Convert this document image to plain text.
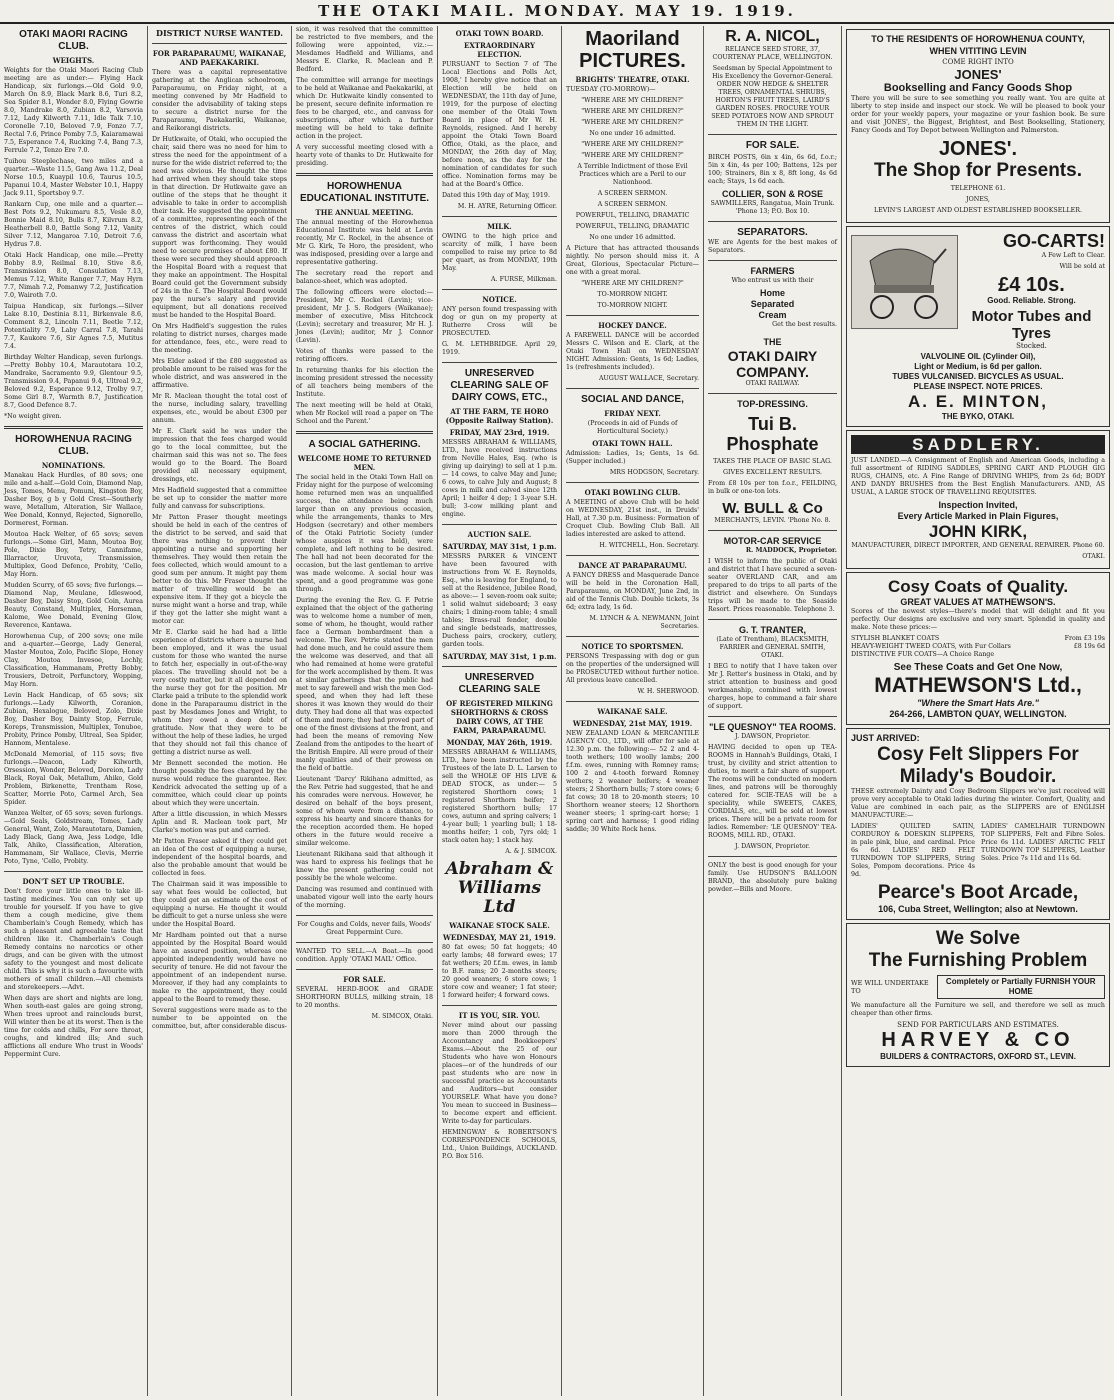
THE OTAKI MAIL. MONDAY. MAY 19. 1919.
OTAKI MAORI RACING CLUB.
WEIGHTS.

Weights for the Otaki Maori Racing Club meeting are as under:— Flying Hack Handicap, six furlongs.—Old Gold 9.0, March On 8.9, Black Mark 8.6, Turi 8.2, Sea Spider 8.1, Wonder 8.0, Flying Gowrie 8.0, Mandrake 8.0, Zubian 8.2, Varsovia 7.12, Lady Kilworth 7.11, Idle Talk 7.10, Coronelle 7.10, Beloved 7.9, Fonzo 7.7, Rectal 7.6, Prince Pomby 7.5, Kaiaramawai 7.5, Esperance 7.4, Rucking 7.4, Bang 7.3, Ferrule 7.2, Tenzo Ere 7.0.

Tuihou Steeplechase, two miles and a quarter.—Waste 11.5, Gang Awa 11.2, Deal Norse 10.5, Kuaypil 10.6, Taurus 10.5, Papanui 10.4, Master Webster 10.1, Happy Jack 9.11, Sportsboy 9.7.

Rankarn Cup, one mile and a quarter.—Best Pots 9.2, Nukumaru 8.5, Vesle 8.0, Bonnie Maid 8.10, Bulls 8.7, Kilvrum 8.2, Heatherbell 8.0, Battle Song 7.12, Vanity Silver 7.12, Mangaroa 7.10, Detroit 7.6, Hydrus 7.8.

Otaki Hack Handicap, one mile.—Pretty Bobby 8.9, Reilmal 8.10, Stive 8.6, Transmission 8.0, Consulation 7.13, Memus 7.12, White Ranger 7.7, May Hyrn 7.7, Nimah 7.2, Pomanwy 7.2, Justification 7.0, Wairoth 7.0.

Taipua Handicap, six furlongs.—Silver Lake 8.10, Destinia 8.11, Birkenvale 8.6, Comment 8.2, Lincoln 7.11, Beetle 7.12, Potentiality 7.9, Laby Carral 7.8, Tarahi 7.7, Kaukore 7.6, Sir Agnes 7.5, Mutitus 7.4.

Birthday Welter Handicap, seven furlongs.—Pretty Bobby 10.4, Marautotara 10.2, Mandrake, Sacramento 9.9, Glentour 9.5, Transmission 9.4, Papanui 9.4, Ultreal 9.2, Beloved 9.2, Esperance 9.12, Trolby 9.7, Some Girl 8.7, Warmth 8.7, Justification 8.7, Good Defence 8.7.

*No weight given.

HOROWHENUA RACING CLUB.
NOMINATIONS.

Manakau Hack Hurdles, of 80 sovs; one mile and a-half.—Gold Coin, Diamond Nap, Jess, Tomes, Menu, Pomuni, Kingston Boy, Dasher Boy, g b y Gold Crest—Southerly wave, Metallum, Alteration, Sir Wallace, Wee Donald, Konnyd, Rejected, Signorello, Dormerest, Forman.

Moutoa Hack Welter, of 65 sovs; seven furlongs.—Some Girl, Mann, Moutoa Boy, Pole, Dixie Boy, Tetry, Cannifame, Illarractor, Uruvota, Transmission, Multiplex, Good Defence, Probity, 'Cello, May Horn.

Mudden Scurry, of 65 sovs; five furlongs.—Diamond Nap, Meulane, Idleswood, Dasher Boy, Daisy Stop, Gold Coin, Aurea Beauty, Constand, Multiplex, Horseman, Kalome, Wee Donald, Evening Glow, Reverence, Kantawa.

Horowhenua Cup, of 200 sovs; one mile and a-quarter.—George, Lady General, Master Moutoa, Zolo, Pacific Slope, Honey Clay, Moutoa Invesoe, Lochly, Classification, Hammanam, Pretty Bobby, Trousiers, Detroit, Perfunctory, Wopping, May Horn.

Levin Hack Handicap, of 65 sovs; six furlongs.—Lady Kilworth, Coranion, Zubian, Hexalogue, Beloved, Zolo, Dixie Boy, Dasher Boy, Dainty Stop, Ferrule, Koreps, Transmission, Multiplex, Tonuboe, Probity, Prince Pomby, Ultreal, Sea Spider, Hannom, Mentalese.

McDonald Memorial, of 115 sovs; five furlongs.—Deacon, Lady Kilworth, Orsession, Wonder, Beloved, Doreion, Lady Black, Royal Oak, Metallum, Ahiko, Gold Problem, Birkenette, Trentham Rose, Scatter, Morrie Poto, Carmel Arch, Sea Spider.

Wanzea Welter, of 65 sovs; seven furlongs.—Gold Seals, Goldstream, Tomes, Lady General, Want, Zolo, Marautotara, Damien, Lady Black, Gang Awa, Jess Lodge, Idle Talk, Ahiko, Classification, Alteration, Hammanam, Sir Wallace, Clevis, Merrie Poto, Tyne, 'Cello, Probity.

DON'T SET UP TROUBLE.

Don't force your little ones to take ill-tasting medicines. You can only set up trouble for yourself. If you have to give them a cough medicine, give them Chamberlain's Cough Remedy, which has such a pleasant and agreeable taste that children like it. Chamberlain's Cough Remedy contains no narcotics or other drugs, and can be given with the utmost safety to the youngest and most delicate child. This is why it is such a favourite with mothers of small children.—All chemists and storekeepers.—Advt.

When days are short and nights are long, When south-east gales are going strong, When trees uproot and rainclouds burst, Will winter then be at its worst. Then is the time for colds and chills, For sore throat, coughs, and kindred ills; And such afflictions all endure Who trust in Woods' Peppermint Cure.

DISTRICT NURSE WANTED.
FOR PARAPARAUMU, WAIKANAE, AND PAEKAKARIKI.

There was a capital representative gathering at the Anglican schoolroom, Paraparaumu, on Friday night, at a meeting convened by Mr Hadfield to consider the advisability of taking steps to secure a district nurse for the Paraparaumu, Paekakariki, Waikanae, and Reikorangi districts.

Dr Hutkwaite, of Otaki, who occupied the chair, said there was no need for him to stress the need for the appointment of a nurse for the wide district referred to; the need was obvious. He thought the time had arrived when they should take steps in that direction. Dr Hutkwaite gave an outline of the steps that he thought it advisable to take in order to accomplish their task. He suggested the appointment of a committee, representing each of the centres of the district, which could canvass the district and ascertain what support was forthcoming. They would need to secure promises of about £80. If these were secured they should approach the Hospital Board with a request that they make an appointment. The Hospital Board could get the Government subsidy of 24s in the £. The Hospital Board would pay the nurse's salary and provide equipment, but all donations received must be handed to the Hospital Board.

On Mrs Hadfield's suggestion the rules relating to district nurses, charges made for attendance, fees, etc., were read to the meeting.

Mrs Elder asked if the £80 suggested as probable amount to be raised was for the whole district, and was answered in the affirmative.

Mr R. Maclean thought the total cost of the nurse, including salary, travelling expenses, etc., would be about £300 per annum.

Mr E. Clark said he was under the impression that the fees charged would go to the local committee, but the chairman said this was not so. The fees would go to the Board. The Board provided all necessary equipment, dressings, etc.

Mrs Hadfield suggested that a committee be set up to consider the matter more fully and canvass for subscriptions.

Mr Patton Fraser thought meetings should be held in each of the centres of the district to be served, and said that there was nothing to prevent their appointing a nurse and supporting her themselves. They would then retain the fees collected, which would amount to a good sum per annum. It might pay them better to do this. Mr Fraser thought the matter of travelling would be an expensive item. If they got a bicycle the nurse might want a horse and trap, while if they got the latter she might want a motor car.

Mr E. Clarke said he had had a little experience of districts where a nurse had been employed, and it was the usual custom for those who wanted the nurse to fetch her, especially in out-of-the-way places. The travelling should not be a very costly matter, but it all depended on the nurse they got for the position. Mr Clarke paid a tribute to the splendid work done in the Paraparaumu district in the past by Mesdames Jones and Wright, to whom they owed a deep debt of gratitude. Now that they were to be without the help of these ladies, he urged that they should not fail this chance of getting a district nurse as well.

Mr Bennett seconded the motion. He thought possibly the fees charged by the nurse would reduce the guarantee. Rev. Kendrick advocated the setting up of a committee, which could clear up points about which they were uncertain.

After a little discussion, in which Messrs Aplin and R. Maclean took part, Mr Clarke's motion was put and carried.

Mr Patton Fraser asked if they could get an idea of the cost of equipping a nurse, independent of the hospital boards, and also the probable amount that would be collected in fees.

The Chairman said it was impossible to say what fees would be collected, but they could get an estimate of the cost of equipping a nurse. He thought it would be difficult to get a nurse unless she were under the Hospital Board.

Mr Hardham pointed out that a nurse appointed by the Hospital Board would have an assured position, whereas one appointed independently would have no security of tenure. He did not favour the appointment of an independent nurse. Moreover, if they had any complaints to make re the appointment, they could appeal to the Board to remedy these.

Several suggestions were made as to the number to be appointed on the committee, but, after considerable discus-

sion, it was resolved that the committee be restricted to five members, and the following were appointed, viz.:—Mesdames Hadfield and Williams, and Messrs E. Clarke, R. Maclean and P. Bedford.

The committee will arrange for meetings to be held at Waikanae and Paekakariki, at which Dr. Hutkwaite kindly consented to be present, secure definite information re fees to be charged, etc., and canvass for subscriptions, after which a further meeting will be held to take definite action in the project.

A very successful meeting closed with a hearty vote of thanks to Dr. Hutkwaite for presiding.

HOROWHENUA EDUCATIONAL INSTITUTE.
THE ANNUAL MEETING.

The annual meeting of the Horowhenua Educational Institute was held at Levin recently, Mr C. Rockel, in the absence of Mr G. Kirk, Te Horo, the president, who was indisposed, presiding over a large and representative gathering.

The secretary read the report and balance-sheet, which was adopted.

The following officers were elected:—President, Mr C. Rockel (Levin); vice-president, Mr J. S. Rodgers (Waikanae); member of executive, Miss Hitchcock (Levin); secretary and treasurer, Mr H. J. Jones (Levin); auditor, Mr J. Connor (Levin).

Votes of thanks were passed to the retiring officers.

In returning thanks for his election the incoming president stressed the necessity of all teachers being members of the Institute.

The next meeting will be held at Otaki, when Mr Rockel will read a paper on 'The School and the Parent.'

A SOCIAL GATHERING.
WELCOME HOME TO RETURNED MEN.

The social held in the Otaki Town Hall on Friday night for the purpose of welcoming home returned men was an unqualified success, the attendance being much larger than on any previous occasion, while the arrangements, thanks to Mrs Hodgson (secretary) and other members of the Otaki Patriotic Society (under whose auspices it was held), were complete, and left nothing to be desired. The hall had not been decorated for the occasion, but the last gentleman to arrive was made welcome. A social hour was spent, and a good programme was gone through.

During the evening the Rev. G. F. Petrie explained that the object of the gathering was to welcome home a number of men, some of whom, he thought, would rather face a German bombardment than a welcome. The Rev. Petrie stated the men had done much, and he could assure them the welcome was deserved, and that all who had remained at home were grateful for the work accomplished by them. It was at similar gatherings that the public had met to say farewell and wish the men God-speed, and when they had left these shores it was known they would do their duty. They had done all that was expected of them and more; they had proved part of one of the finest divisions at the front, and had been the means of removing New Zealand from the antipodes to the heart of the British Empire. All were proud of their manly qualities and of their prowess on the field of battle.

Lieutenant 'Darcy' Rikihana admitted, as the Rev. Petrie had suggested, that he and his comrades were nervous. However, he desired on behalf of the boys present, some of whom were from a distance, to express his hearty and sincere thanks for the reception accorded them. He hoped others in the future would receive a similar welcome.

Lieutenant Rikihana said that although it was hard to express his feelings that he knew the present gathering could not possibly be the whole welcome.

Dancing was resumed and continued with unabated vigour well into the early hours of the morning.

For Coughs and Colds, never fails, Woods' Great Peppermint Cure.

WANTED TO SELL.—A Boat.—In good condition. Apply 'OTAKI MAIL' Office.

FOR SALE.

SEVERAL HERD-BOOK and GRADE SHORTHORN BULLS, milking strain, 18 to 20 months.

M. SIMCOX, Otaki.

OTAKI TOWN BOARD.
EXTRAORDINARY ELECTION.

PURSUANT to Section 7 of 'The Local Elections and Polls Act, 1908,' I hereby give notice that an Election will be held on WEDNESDAY, the 11th day of June, 1919, for the purpose of electing one member of the Otaki Town Board in place of Mr W. H. Reynolds, resigned. And I hereby appoint the Otaki Town Board Office, Otaki, as the place, and MONDAY, the 26th day of May, before noon, as the day for the nomination of candidates for such office. Nomination forms may be had at the Board's Office.

Dated this 19th day of May, 1919.

M. H. AYRE, Returning Officer.

MILK.

OWING to the high price and scarcity of milk, I have been compelled to raise my price to 8d per quart, as from MONDAY, 19th May.

A. FURSE, Milkman.

NOTICE.

ANY person found trespassing with dog or gun on my property at Rutherre Cross will be PROSECUTED.

G. M. LETHBRIDGE. April 29, 1919.

UNRESERVED CLEARING SALE OF DAIRY COWS, ETC.,
AT THE FARM, TE HORO (Opposite Railway Station).
FRIDAY, MAY 23rd, 1919.

MESSRS ABRAHAM & WILLIAMS, LTD., have received instructions from Neville Hales, Esq. (who is giving up dairying) to sell at 1 p.m.— 14 cows, to calve May and June; 6 cows, to calve July and August; 8 cows in milk and calved since 12th April; 1 heifer 4 dep; 1 3-year S.H. bull; 3-cow milking plant and engine.

AUCTION SALE.
SATURDAY, MAY 31st, 1 p.m.

MESSRS PARKER & VINCENT have been favoured with instructions from W. E. Reynolds, Esq., who is leaving for England, to sell at the Residence, Jubilee Road, as above:— 1 seven-room oak suite; 1 solid walnut sideboard; 3 easy chairs; 1 dining-room table; 4 small tables; Brass-rail fender, double and single bedsteads, mattresses, Duchess pairs, crockery, cutlery, garden tools.

SATURDAY, MAY 31st, 1 p.m.
UNRESERVED CLEARING SALE
OF REGISTERED MILKING SHORTHORNS & CROSS DAIRY COWS, AT THE FARM, PARAPARAUMU.
MONDAY, MAY 26th, 1919.

MESSRS ABRAHAM & WILLIAMS, LTD., have been instructed by the Trustees of the late D. L. Larsen to sell the WHOLE OF HIS LIVE & DEAD STOCK, as under:— 5 registered Shorthorn cows; 1 registered Shorthorn heifer; 2 registered Shorthorn bulls; 17 cows, autumn and spring calvers; 1 4-year bull; 1 yearling bull; 1 18-months heifer; 1 cob, 7yrs old; 1 stack oaten hay; 1 stack hay.

A. & J. SIMCOX.

Abraham & Williams Ltd
WAIKANAE STOCK SALE.
WEDNESDAY, MAY 21, 1919.

80 fat ewes; 50 fat hoggets; 40 early lambs; 48 forward ewes; 17 fat wethers; 20 f.f.m. ewes, in lamb to B.F. rams; 20 2-months steers; 20 good weaners; 6 store cows; 1 store cow and weaner; 1 fat steer; 1 forward heifer; 4 forward cows.

IT IS YOU, SIR. YOU.

Never mind about our passing more than 2000 through the Accountancy and Bookkeepers' Exams.—About the 25 of our Students who have won Honours places—or of the hundreds of our past students who are now in successful practice as Accountants and Auditors—but consider YOURSELF. What have you done? You mean to succeed in Business—to become expert and efficient. Write to-day for particulars.

HEMINGWAY & ROBERTSON'S CORRESPONDENCE SCHOOLS, Ltd., Union Buildings, AUCKLAND. P.O. Box 516.

Maoriland PICTURES.
BRIGHTS' THEATRE, OTAKI.

TUESDAY (TO-MORROW)—

"WHERE ARE MY CHILDREN?"

"WHERE ARE MY CHILDREN?"

"WHERE ARE MY CHILDREN?"

No one under 16 admitted.

"WHERE ARE MY CHILDREN?"

"WHERE ARE MY CHILDREN?"

A Terrible Indictment of those Evil Practices which are a Peril to our Nationhood.

A SCREEN SERMON.

A SCREEN SERMON.

POWERFUL, TELLING, DRAMATIC

POWERFUL, TELLING, DRAMATIC

No one under 16 admitted.

A Picture that has attracted thousands nightly. No person should miss it. A Great, Glorious, Spectacular Picture—one with a great moral.

"WHERE ARE MY CHILDREN?"

TO-MORROW NIGHT.

TO-MORROW NIGHT.

HOCKEY DANCE.

A FAREWELL DANCE will be accorded Messrs C. Wilson and E. Clark, at the Otaki Town Hall on WEDNESDAY NIGHT. Admission: Gents, 1s 6d; Ladies, 1s (refreshments included).

AUGUST WALLACE, Secretary.

SOCIAL AND DANCE,
FRIDAY NEXT.

(Proceeds in aid of Funds of Horticultural Society.)

OTAKI TOWN HALL.

Admission: Ladies, 1s; Gents, 1s 6d. (Supper included.)

MRS HODGSON, Secretary.

OTAKI BOWLING CLUB.

A MEETING of above Club will be held on WEDNESDAY, 21st inst., in Druids' Hall, at 7.30 p.m. Business: Formation of Croquet Club. Bowling Club Ball. All ladies interested are asked to attend.

H. WITCHELL, Hon. Secretary.

DANCE AT PARAPARAUMU.

A FANCY DRESS and Masquerade Dance will be held in the Coronation Hall, Paraparaumu, on MONDAY, June 2nd, in aid of the Tennis Club. Double tickets, 3s 6d; extra lady, 1s 6d.

M. LYNCH & A. NEWMANN, Joint Secretaries.

NOTICE TO SPORTSMEN.

PERSONS Trespassing with dog or gun on the properties of the undersigned will be PROSECUTED without further notice. All previous leave cancelled.

W. H. SHERWOOD.

WAIKANAE SALE.
WEDNESDAY, 21st MAY, 1919.

NEW ZEALAND LOAN & MERCANTILE AGENCY CO., LTD., will offer for sale at 12.30 p.m. the following:— 52 2 and 4-tooth wethers; 100 woolly lambs; 200 f.f.m. ewes, running with Romney rams; 100 2 and 4-tooth forward Romney wethers; 2 weaner heifers; 4 weaner steers; 2 Shorthorn bulls; 7 store cows; 6 fat cows; 30 18 to 20-month steers; 10 Shorthorn weaner steers; 12 Shorthorn weaner steers; 1 spring-cart horse; 1 spring cart and harness; 1 good riding saddle; 30 White Rock hens.

R. A. NICOL,

RELIANCE SEED STORE, 37, COURTENAY PLACE, WELLINGTON.

Seedsman by Special Appointment to His Excellency the Governor-General. ORDER NOW HEDGE & SHELTER TREES, ORNAMENTAL SHRUBS, HORTON'S FRUIT TREES, LAIRD'S GARDEN ROSES. PROCURE YOUR SEED POTATOES NOW AND SPROUT THEM IN THE LIGHT.

FOR SALE.

BIRCH POSTS, 6in x 4in, 6s 6d, f.o.r.; 5in x 4in, 4s per 100; Battens, 12s per 100; Strainers, 8in x 8, 8ft long, 4s 6d each; Stays, 1s 6d each.

COLLIER, SON & ROSE

SAWMILLERS, Rangatua, Main Trunk. 'Phone 13; P.O. Box 10.

SEPARATORS.

WE are Agents for the best makes of Separators.

FARMERS

Who entrust us with their

Home
Separated
Cream

Get the best results.

THE
OTAKI DAIRY COMPANY.

OTAKI RAILWAY.

TOP-DRESSING.
Tui B. Phosphate

TAKES THE PLACE OF BASIC SLAG.

GIVES EXCELLENT RESULTS.

From £8 10s per ton f.o.r., FEILDING, in bulk or one-ton lots.

W. BULL & Co

MERCHANTS, LEVIN. 'Phone No. 8.

MOTOR-CAR SERVICE

R. MADDOCK, Proprietor.

I WISH to inform the public of Otaki and district that I have secured a seven-seater OVERLAND CAR, and am prepared to do trips to all parts of the district and elsewhere. On Sundays trips will be made to the Seaside Resort. Prices reasonable. Telephone 3.

G. T. TRANTER,

(Late of Trentham), BLACKSMITH, FARRIER and GENERAL SMITH, OTAKI.

I BEG to notify that I have taken over Mr J. Retter's business in Otaki, and by strict attention to business and good workmanship, combined with lowest charges, hope to command a fair share of support.

"LE QUESNOY" TEA ROOMS.

J. DAWSON, Proprietor.

HAVING decided to open up TEA-ROOMS in Hannah's Buildings, Otaki, I trust, by civility and strict attention to duties, to merit a fair share of support. The rooms will be conducted on modern lines, and patrons will be thoroughly catered for. SCIE-TEAS will be a speciality, while SWEETS, CAKES, CORDIALS, etc., will be sold at lowest prices. There will be a private room for ladies. Remember: 'LE QUESNOY' TEA-ROOMS, MILL RD., OTAKI.

J. DAWSON, Proprietor.

ONLY the best is good enough for your family. Use HUDSON'S BALLOON BRAND, the absolutely pure baking powder.—Bills and Moore.

TO THE RESIDENTS OF HOROWHENUA COUNTY,
WHEN VITITING LEVIN
COME RIGHT INTO
JONES'
Bookselling and Fancy Goods Shop

There you will be sure to see something you really want. You are quite at liberty to step inside and inspect our stock. We will be pleased to book your order for your weekly papers, your magazine or your fashion book. Be sure and visit JONES', the Biggest, Brightest, and Best Bookselling, Stationery, Fancy Goods and Toy Depot between Wellington and Palmerston.

JONES'.
The Shop for Presents.

TELEPHONE 61.

JONES,

LEVIN'S LARGEST AND OLDEST ESTABLISHED BOOKSELLER.

GO-CARTS!

A Few Left to Clear.

Will be sold at

£4 10s.
Good. Reliable. Strong.
Motor Tubes and Tyres
Stocked.
VALVOLINE OIL (Cylinder Oil),
Light or Medium, is 6d per gallon.
TUBES VULCANISED. BICYCLES AS USUAL.
PLEASE INSPECT. NOTE PRICES.
A. E. MINTON,
THE BYKO, OTAKI.
SADDLERY.

JUST LANDED.—A Consignment of English and American Goods, including a full assortment of RIDING SADDLES, SPRING CART AND PLOUGH GIG RUGS, CHAINS, etc. A Fine Range of DRIVING WHIPS, from 2s 6d; BODY AND DANDY BRUSHES from the Best English Manufacturers. AND, AS USUAL, A LARGE STOCK OF TRAVELLING REQUISITES.

Inspection Invited,
Every Article Marked in Plain Figures,
JOHN KIRK,

MANUFACTURER, DIRECT IMPORTER, AND GENERAL REPAIRER. Phone 60.

OTAKI.

Cosy Coats of Quality.
GREAT VALUES AT MATHEWSON'S.

Scores of the newest styles—there's model that will delight and fit you perfectly. Our designs are exclusive and very smart. Splendid in quality and make. Note these prices:—

STYLISH BLANKET COATS	From £3 19s
HEAVY-WEIGHT TWEED COATS, with Fur Collars	£8 19s 6d
DISTINCTIVE FUR COATS—A Choice Range
See These Coats and Get One Now,
MATHEWSON'S Ltd.,
"Where the Smart Hats Are."
264-266, LAMBTON QUAY, WELLINGTON.
JUST ARRIVED:
Cosy Felt Slippers For Milady's Boudoir.

THESE extremely Dainty and Cosy Bedroom Slippers we've just received will prove very acceptable to Otaki ladies during the winter. Comfort, Quality, and Value are combined in each pair, as the SLIPPERS are of ENGLISH MANUFACTURE:—

LADIES' QUILTED SATIN, CORDUROY & DOESKIN SLIPPERS, in pale pink, blue, and cardinal. Price 6s 6d. LADIES' RED FELT TURNDOWN TOP SLIPPERS, String Soles, Pompom decorations. Price 4s 9d.

LADIES' CAMELHAIR TURNDOWN TOP SLIPPERS, Felt and Fibre Soles. Price 6s 11d. LADIES' ARCTIC FELT TURNDOWN TOP SLIPPERS, Leather Soles. Price 7s 11d and 11s 6d.

Pearce's Boot Arcade,
106, Cuba Street, Wellington; also at Newtown.
We Solve
The Furnishing Problem
WE WILL UNDERTAKE TO
Completely or Partially FURNISH YOUR HOME

We manufacture all the Furniture we sell, and therefore we sell as much cheaper than other firms.

SEND FOR PARTICULARS AND ESTIMATES.
HARVEY & CO
BUILDERS & CONTRACTORS, OXFORD ST., LEVIN.
